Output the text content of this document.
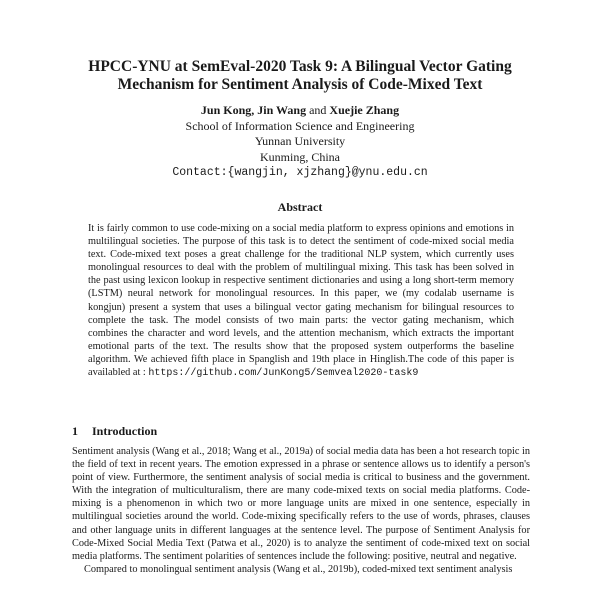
HPCC-YNU at SemEval-2020 Task 9: A Bilingual Vector Gating
Mechanism for Sentiment Analysis of Code-Mixed Text
Jun Kong, Jin Wang and Xuejie Zhang
School of Information Science and Engineering
Yunnan University
Kunming, China
Contact:{wangjin, xjzhang}@ynu.edu.cn
Abstract
It is fairly common to use code-mixing on a social media platform to express opinions and emotions in multilingual societies. The purpose of this task is to detect the sentiment of code-mixed social media text. Code-mixed text poses a great challenge for the traditional NLP system, which currently uses monolingual resources to deal with the problem of multilingual mixing. This task has been solved in the past using lexicon lookup in respective sentiment dictionaries and using a long short-term memory (LSTM) neural network for monolingual resources. In this paper, we (my codalab username is kongjun) present a system that uses a bilingual vector gating mechanism for bilingual resources to complete the task. The model consists of two main parts: the vector gating mechanism, which combines the character and word levels, and the attention mechanism, which extracts the important emotional parts of the text. The results show that the proposed system outperforms the baseline algorithm. We achieved fifth place in Spanglish and 19th place in Hinglish.The code of this paper is availabled at : https://github.com/JunKong5/Semveal2020-task9
1 Introduction

Sentiment analysis (Wang et al., 2018; Wang et al., 2019a) of social media data has been a hot research topic in the field of text in recent years. The emotion expressed in a phrase or sentence allows us to identify a person's point of view. Furthermore, the sentiment analysis of social media is critical to business and the government. With the integration of multiculturalism, there are many code-mixed texts on social media platforms. Code-mixing is a phenomenon in which two or more language units are mixed in one sentence, especially in multilingual societies around the world. Code-mixing specifically refers to the use of words, phrases, clauses and other language units in different languages at the sentence level. The purpose of Sentiment Analysis for Code-Mixed Social Media Text (Patwa et al., 2020) is to analyze the sentiment of code-mixed text on social media platforms. The sentiment polarities of sentences include the following: positive, neutral and negative.

Compared to monolingual sentiment analysis (Wang et al., 2019b), coded-mixed text sentiment analysis
